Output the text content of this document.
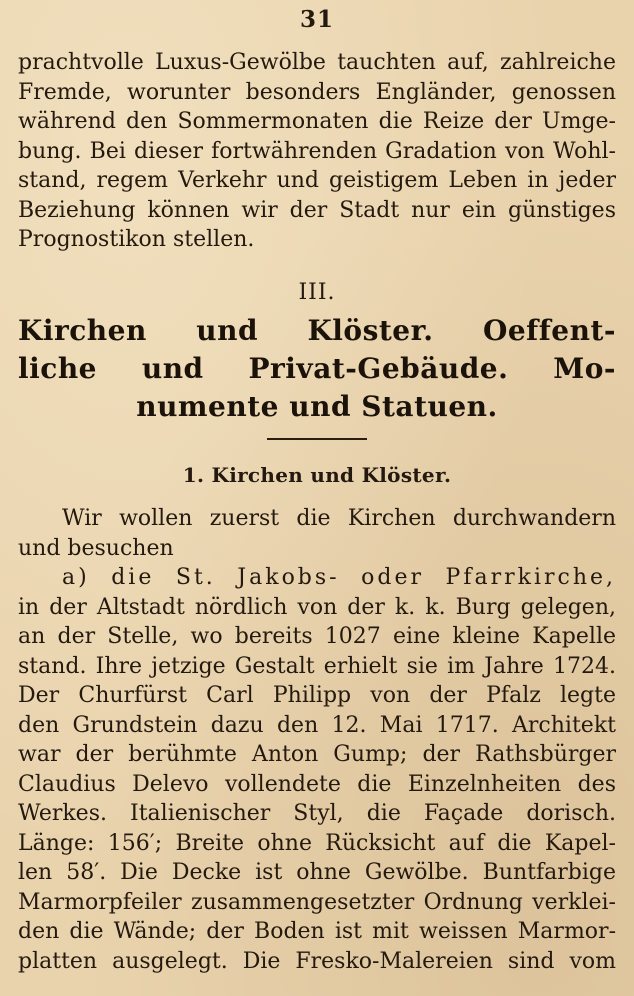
31
prachtvolle Luxus-Gewölbe tauchten auf, zahlreiche
Fremde, worunter besonders Engländer, genossen
während den Sommermonaten die Reize der Umge-
bung. Bei dieser fortwährenden Gradation von Wohl-
stand, regem Verkehr und geistigem Leben in jeder
Beziehung können wir der Stadt nur ein günstiges
Prognostikon stellen.
III.
Kirchen und Klöster. Oeffent-
liche und Privat-Gebäude. Mo-
numente und Statuen.
1. Kirchen und Klöster.
Wir wollen zuerst die Kirchen durchwandern
und besuchen
a) die St. Jakobs- oder Pfarrkirche,
in der Altstadt nördlich von der k. k. Burg gelegen,
an der Stelle, wo bereits 1027 eine kleine Kapelle
stand. Ihre jetzige Gestalt erhielt sie im Jahre 1724.
Der Churfürst Carl Philipp von der Pfalz legte
den Grundstein dazu den 12. Mai 1717. Architekt
war der berühmte Anton Gump; der Rathsbürger
Claudius Delevo vollendete die Einzelnheiten des
Werkes. Italienischer Styl, die Façade dorisch.
Länge: 156′; Breite ohne Rücksicht auf die Kapel-
len 58′. Die Decke ist ohne Gewölbe. Buntfarbige
Marmorpfeiler zusammengesetzter Ordnung verklei-
den die Wände; der Boden ist mit weissen Marmor-
platten ausgelegt. Die Fresko-Malereien sind vom
